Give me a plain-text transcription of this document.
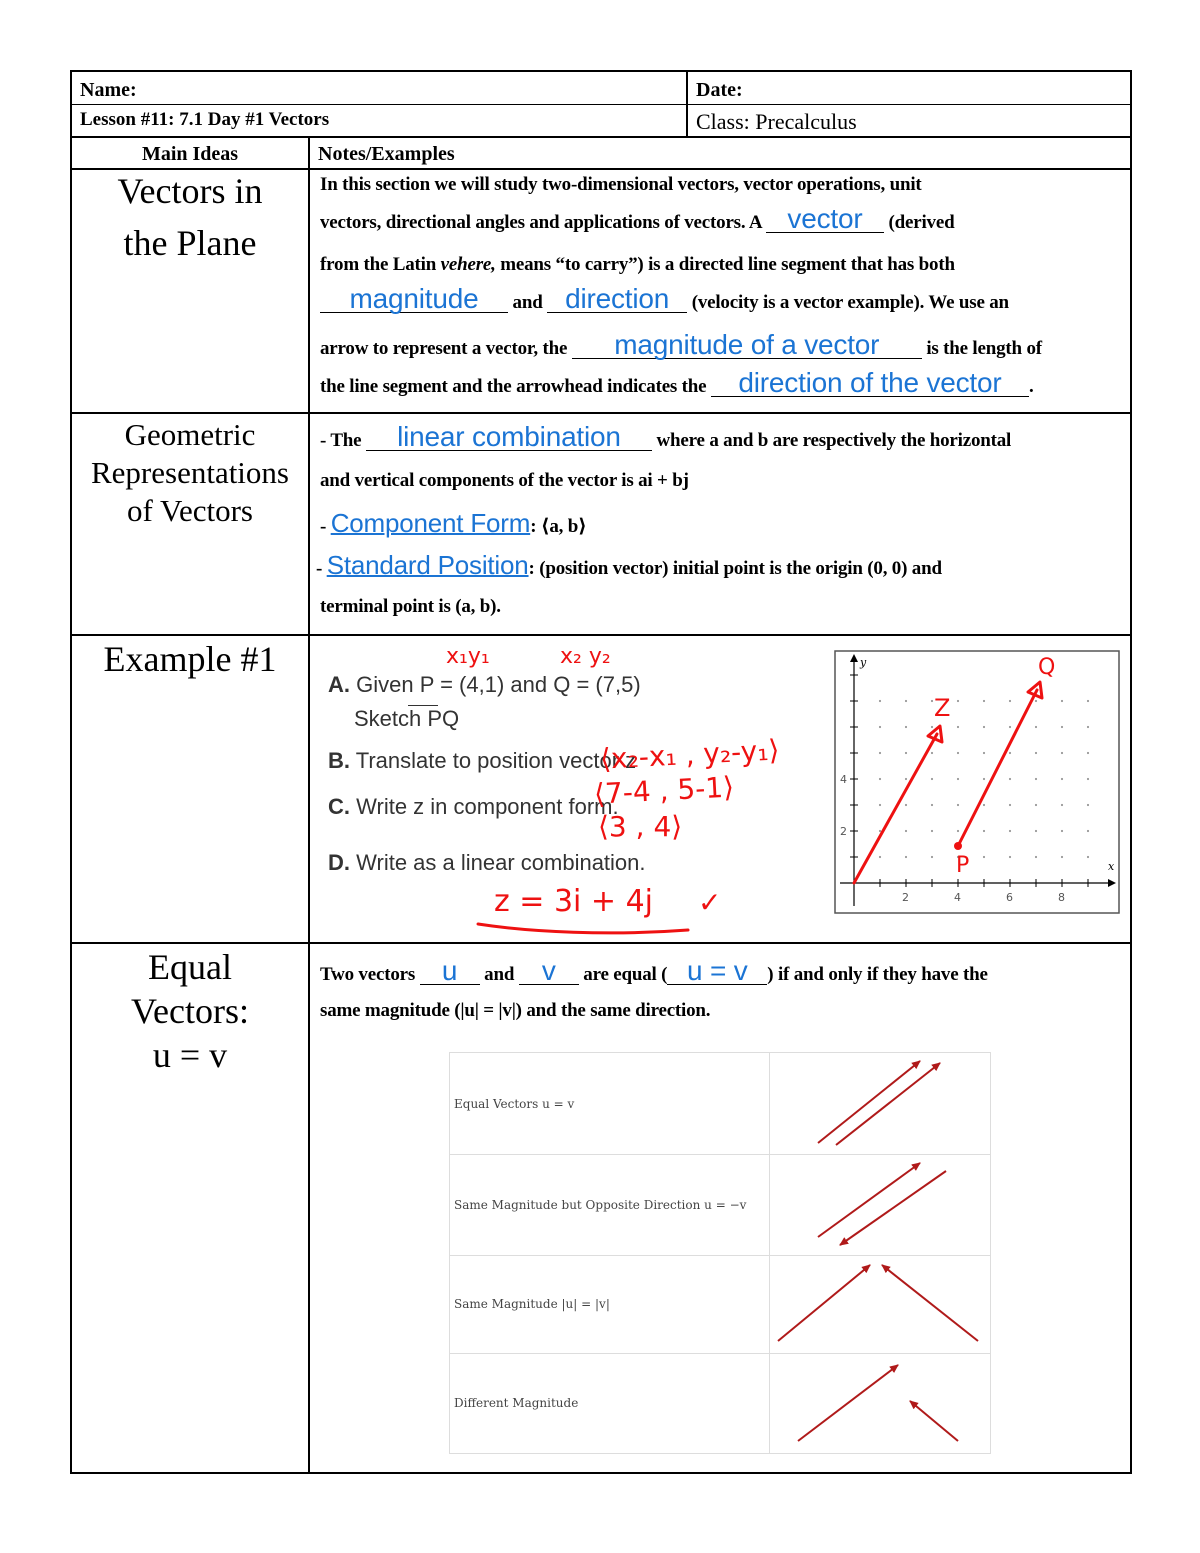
Name:	Date:
Lesson #11: 7.1 Day #1 Vectors	Class: Precalculus
Main Ideas	Notes/Examples
Vectors in
the Plane
In this section we will study two-dimensional vectors, vector operations, unit
vectors, directional angles and applications of vectors. A vector (derived
from the Latin vehere, means “to carry”) is a directed line segment that has both
magnitude and direction (velocity is a vector example). We use an
arrow to represent a vector, the magnitude of a vector is the length of
the line segment and the arrowhead indicates the direction of the vector .
Geometric
Representations
of Vectors
- The linear combination where a and b are respectively the horizontal
and vertical components of the vector is ai + bj
- Component Form: ⟨a, b⟩
- Standard Position: (position vector) initial point is the origin (0, 0) and
terminal point is (a, b).
Example #1
A. Given P = (4,1) and Q = (7,5)
Sketch PQ
B. Translate to position vector z
C. Write z in component form.
D. Write as a linear combination.
x₁y₁	x₂ y₂
⟨x₂-x₁ , y₂-y₁⟩
⟨7-4 , 5-1⟩
⟨3 , 4⟩
z = 3i + 4j ✓
y
x
2	4	6	8
2
4
Z
Q
P
Equal
Vectors:
u = v
Two vectors u and v are equal ( u = v ) if and only if they have the
same magnitude (|u| = |v|) and the same direction.
Equal Vectors u = v
Same Magnitude but Opposite Direction u = −v
Same Magnitude |u| = |v|
Different Magnitude
